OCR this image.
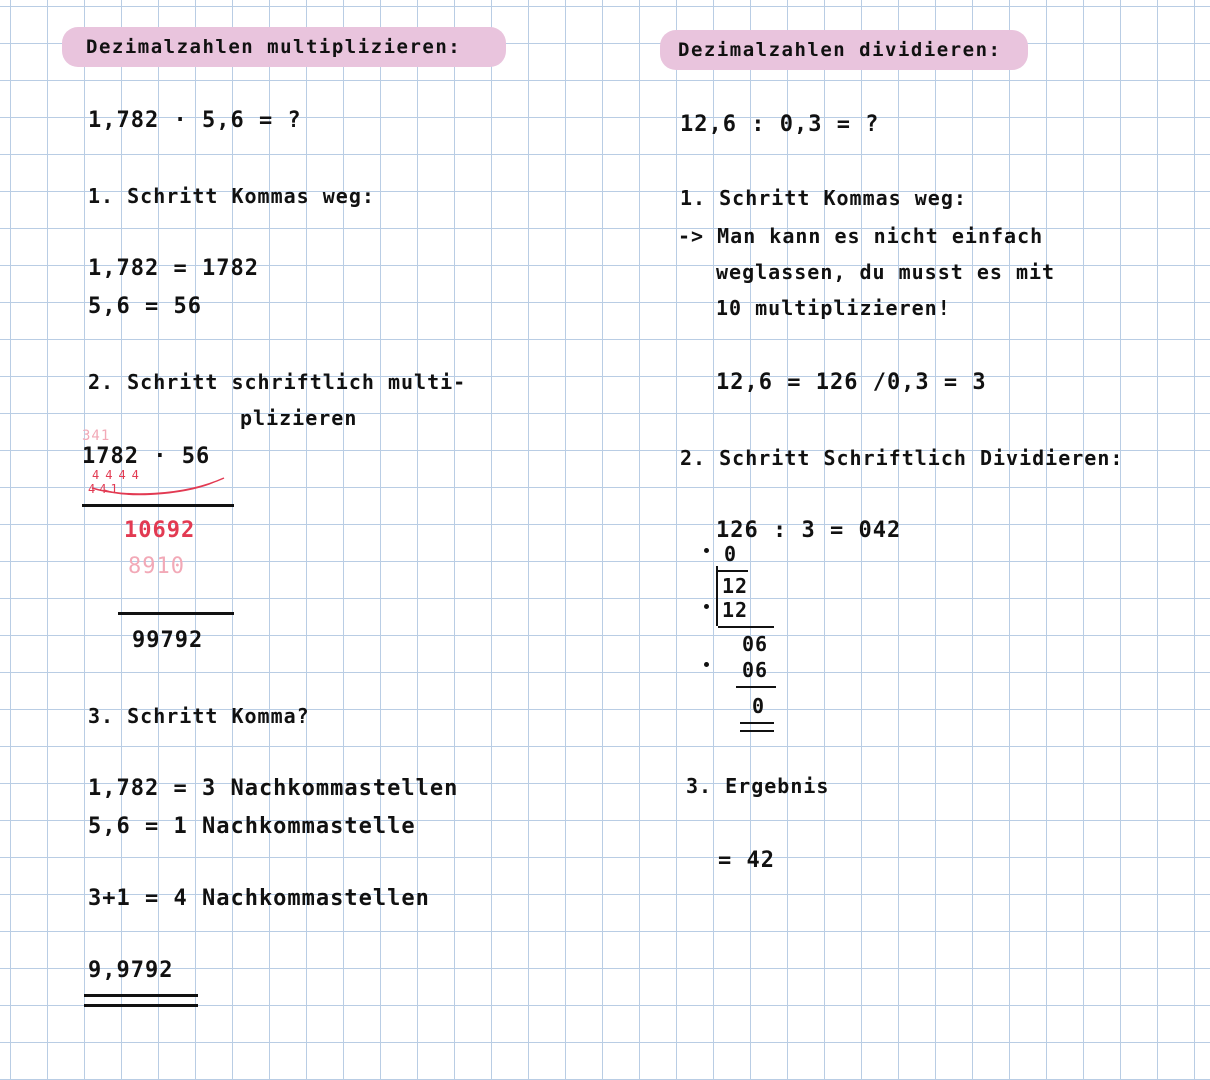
Dezimalzahlen multiplizieren:
1,782 · 5,6 = ?
1. Schritt Kommas weg:
1,782 = 1782
5,6 = 56
2. Schritt schriftlich multi-
plizieren
341
1782 · 56
4444
441
10692
8910
99792
3. Schritt Komma?
1,782 = 3 Nachkommastellen
5,6 = 1 Nachkommastelle
3+1 = 4 Nachkommastellen
9,9792
Dezimalzahlen dividieren:
12,6 : 0,3 = ?
1. Schritt Kommas weg:
-> Man kann es nicht einfach
weglassen, du musst es mit
10 multiplizieren!
12,6 = 126 /0,3 = 3
2. Schritt Schriftlich Dividieren:
126 : 3 = 042
0
12
12
06
06
0
3. Ergebnis
= 42
